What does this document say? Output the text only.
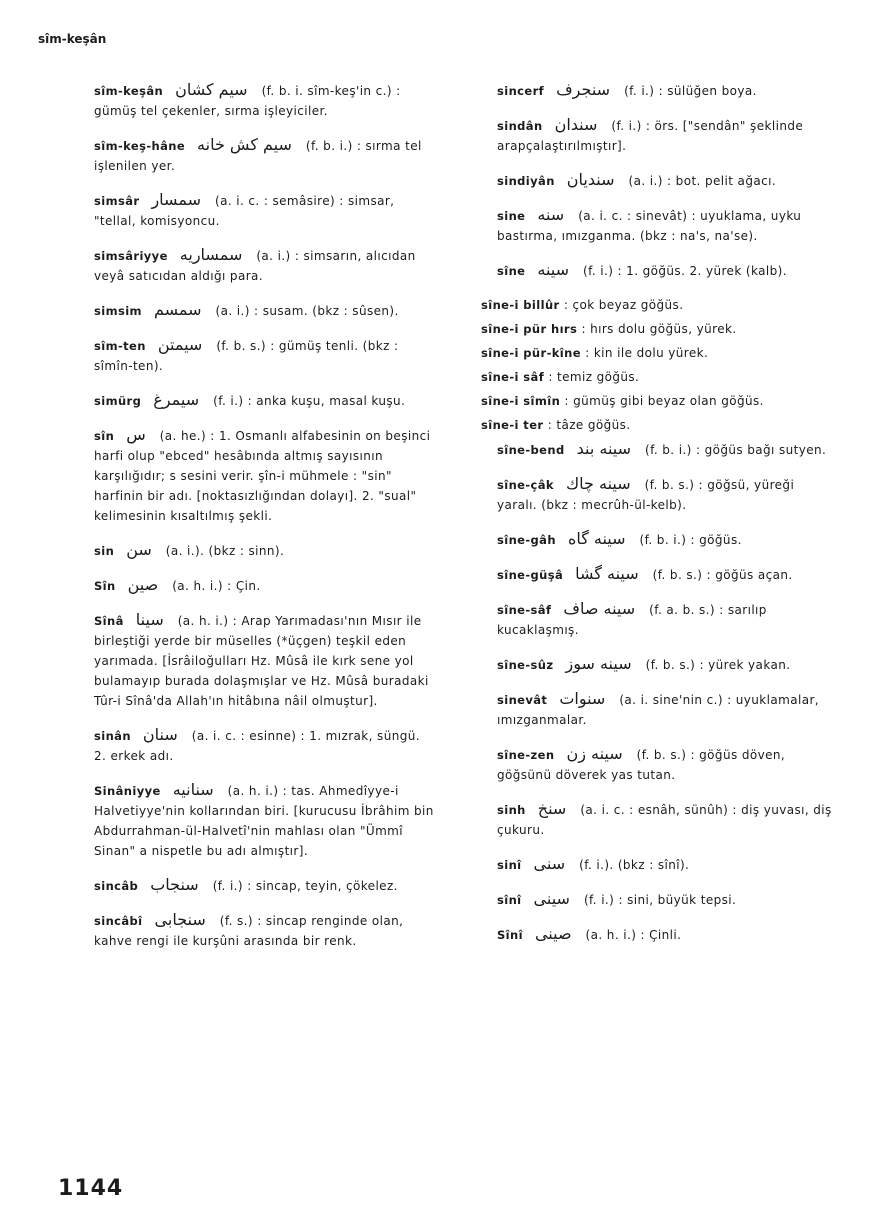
sîm-keşân
sîm-keşân سیم کشان (f. b. i. sîm-keş'in c.) : gümüş tel çekenler, sırma işleyiciler.
sîm-keş-hâne سیم کش خانه (f. b. i.) : sırma tel işlenilen yer.
simsâr سمسار (a. i. c. : semâsire) : simsar, "tellal, komisyoncu.
simsâriyye سمساريه (a. i.) : simsarın, alıcıdan veyâ satıcıdan aldığı para.
simsim سمسم (a. i.) : susam. (bkz : sûsen).
sîm-ten سیمتن (f. b. s.) : gümüş tenli. (bkz : sîmîn-ten).
simürg سیمرغ (f. i.) : anka kuşu, masal kuşu.
sîn س (a. he.) : 1. Osmanlı alfabesinin on beşinci harfi olup "ebced" hesâbında altmış sayısının karşılığıdır; s sesini verir. şîn-i mühmele : "sin" harfinin bir adı. [noktasızlığından dolayı]. 2. "sual" kelimesinin kısaltılmış şekli.
sin سن (a. i.). (bkz : sinn).
Sîn صين (a. h. i.) : Çin.
Sînâ سينا (a. h. i.) : Arap Yarımadası'nın Mısır ile birleştiği yerde bir müselles (*üçgen) teşkil eden yarımada. [İsrâiloğulları Hz. Mûsâ ile kırk sene yol bulamayıp burada dolaşmışlar ve Hz. Mûsâ buradaki Tûr-i Sînâ'da Allah'ın hitâbına nâil olmuştur].
sinân سنان (a. i. c. : esinne) : 1. mızrak, süngü. 2. erkek adı.
Sinâniyye سنانيه (a. h. i.) : tas. Ahmedîyye-i Halvetiyye'nin kollarından biri. [kurucusu İbrâhim bin Abdurrahman-ül-Halvetî'nin mahlası olan "Ümmî Sinan" a nispetle bu adı almıştır].
sincâb سنجاب (f. i.) : sincap, teyin, çökelez.
sincâbî سنجابى (f. s.) : sincap renginde olan, kahve rengi ile kurşûni arasında bir renk.
sincerf سنجرف (f. i.) : sülüğen boya.
sindân سندان (f. i.) : örs. ["sendân" şeklinde arapçalaştırılmıştır].
sindiyân سنديان (a. i.) : bot. pelit ağacı.
sine سنه (a. i. c. : sinevât) : uyuklama, uyku bastırma, ımızganma. (bkz : na's, na'se).
sîne سينه (f. i.) : 1. göğüs. 2. yürek (kalb).
sîne-i billûr : çok beyaz göğüs.
sîne-i pür hırs : hırs dolu göğüs, yürek.
sîne-i pür-kîne : kin ile dolu yürek.
sîne-i sâf : temiz göğüs.
sîne-i sîmîn : gümüş gibi beyaz olan göğüs.
sîne-i ter : tâze göğüs.
sîne-bend سينه بند (f. b. i.) : göğüs bağı sutyen.
sîne-çâk سينه چاك (f. b. s.) : göğsü, yüreği yaralı. (bkz : mecrûh-ül-kelb).
sîne-gâh سينه گاه (f. b. i.) : göğüs.
sîne-güşâ سينه گشا (f. b. s.) : göğüs açan.
sîne-sâf سينه صاف (f. a. b. s.) : sarılıp kucaklaşmış.
sîne-sûz سينه سوز (f. b. s.) : yürek yakan.
sinevât سنوات (a. i. sine'nin c.) : uyuklamalar, ımızganmalar.
sîne-zen سينه زن (f. b. s.) : göğüs döven, göğsünü döverek yas tutan.
sinh سنخ (a. i. c. : esnâh, sünûh) : diş yuvası, diş çukuru.
sinî سنى (f. i.). (bkz : sînî).
sînî سينى (f. i.) : sini, büyük tepsi.
Sînî صينى (a. h. i.) : Çinli.
1144
